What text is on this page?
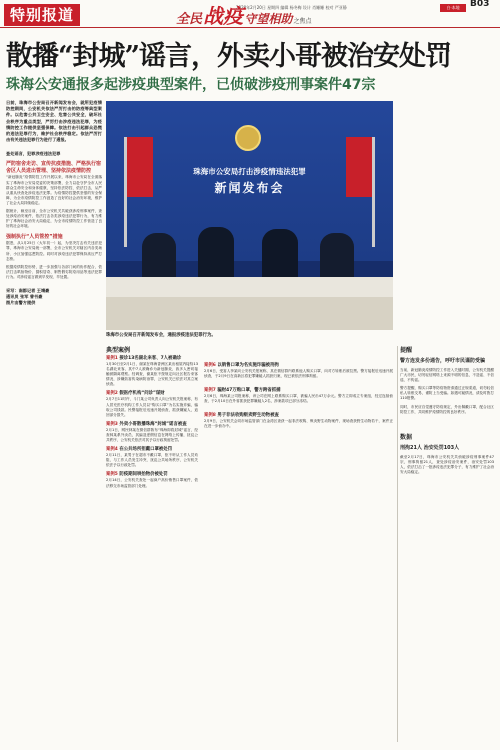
特别报道	2020年2月20日 星期四 编辑 杨冬梅 设计 肖姗姗 校对 严亚静	白·本地	B03
全民 战疫 守望相助 之焦点
散播“封城”谣言，外卖小哥被治安处罚
珠海公安通报多起涉疫典型案件，已侦破涉疫刑事案件47宗
日前，珠海市公安局召开新闻发布会，就所犯疫情防控期间，公安机关依法严厉打击的防疫等典型案件。以危害公共卫生安全、危害公共安全，破坏社会秩序为重点类型，严厉打击涉疫违法犯罪，为疫情防控工作提供坚强保障。依法打击引起群众恐慌的违法犯罪行为，维护社会秩序稳定。依法严厉打击有关违法犯罪行为进行了通报。
查处谣言，犯罪涉疫违法犯罪
严防宿舍走访、宣传抗疫措施、严格执行宿舍区人员进出管理、坚持依法疫情防控
“新冠肺炎”疫情防控工作开展以来，珠海市公安局在全面落实了珠海市公安局党委的决策部署，全力以赴守护全市人民群众生命安全和身体健康，坚持依法防控、依法打击，从严从重从快查处涉疫违法犯罪。为疫情防控提供坚强的安全保障，为全市疫情防控工作创造了良好的社会治安环境，维护了社会大局持续稳定。
据统计，截至目前，全市公安机关共破获涉疫刑事案件，查处涉疫治安案件，依法打击各类涉疫违法犯罪行为，有力维护了珠海社会治安大局稳定，为全市疫情防控工作营造了良好的社会环境。
强制执行“人员管控”措施
据悉，从1月25日（大年初一）起，为坚决打击有关违法犯罪，珠海市公安局统一部署，全市公安机关对辖区内各类场所、小区加强巡逻防控。同时对涉疫违法犯罪保持高压严打态势。
根据疫情防控形势，进一步加强与各部门间的协作配合，依法打击哄抬物价、囤积居奇、制售假劣防疫用品等违法犯罪行为。对涉疫谣言做到早发现、早处置。
采写：南都记者 王靖豪
通讯员 张军 曾书豪
图片由警方提供
珠海市公安局打击涉疫情违法犯罪
新闻发布会
珠海市公安局召开新闻发布会，通报涉疫违法犯罪行为。
典型案例
案例1 接诊13名湖北来客、7人被确诊
1月30日至2月1日，谢某在珠海香洲区某出租屋内接待13名湖北来客，其中7人被确诊为新冠肺炎，致多人密切接触被隔离观察。经调查，谢某拒不按规定向社区报告来客情况，涉嫌妨害传染病防治罪，公安机关已依法对其立案侦查。
案例2 假医疗机构“问诊”谋财
2月7日11时许，斗门某公司负责人向公安机关报案称，有人冒充医疗机构工作人员以“购买口罩”为名实施诈骗，骗取公司钱款。民警接报后迅速开展侦查，抓获嫌疑人，追回部分损失。
案例3 外卖小哥散播珠海“封城”谣言被查
2月1日，网民林某在微信群散布“珠海即将封城”谣言，经查林某系外卖员，其编造虚假信息在网络上传播，扰乱公共秩序，公安机关依法对其予以行政拘留处罚。
案例4 在公共场所拒戴口罩被处罚
2月11日，某男子在超市不戴口罩，拒不听从工作人员劝阻，与工作人员发生冲突，扰乱公共场所秩序，公安机关依法予以行政处罚。
案例5 防疫期间哄抬物价被处罚
2月14日，公安机关查处一起商户高价销售口罩案件，依法移交市场监管部门处理。
案例6 以销售口罩为名实施诈骗被刑拘
2月6日，受害人李某向公安机关报案称，其在微信群内联系他人购买口罩，向对方转账后被拉黑。警方接报后迅速开展侦查，于2月9日在高新区将犯罪嫌疑人抓获归案，现已被依法刑事拘留。
案例7 骗财47万购口罩，警方跨省抓捕
2月6日，珠海某公司报案称，该公司在网上联系购买口罩，被骗人民币47万余元。警方立即成立专案组，经过连续侦查，于2月10日在外省抓获犯罪嫌疑人2名，涉案款项已部分冻结。
案例8 男子非法收购贩卖野生动物被查
2月9日，公安机关会同市场监管部门在金湾区查获一起非法收购、贩卖野生动物案件，现场查获野生动物若干，案件正在进一步侦办中。
提醒
警方连发多份通告，呼吁市民谨防受骗
当前，新冠肺炎疫情防控工作进入关键时期，公安机关提醒广大市民，切勿轻信网络上来源不明的信息，不造谣、不信谣、不传谣。
警方提醒，购买口罩等防疫物资请通过正规渠道，切勿轻信私人转账交易，谨防上当受骗。如遇可疑情况，请及时拨打110报警。
同时，市民应自觉遵守防疫规定，外出佩戴口罩，配合社区防控工作，共同维护疫情防控的良好秩序。
数据
刑拘21人 治安处罚103人
截至2月17日，珠海市公安机关共侦破涉疫刑事案件47宗，刑事拘留21人，查处涉疫治安案件，治安处罚103人，依法打击了一批涉疫违法犯罪分子，有力维护了社会治安大局稳定。
